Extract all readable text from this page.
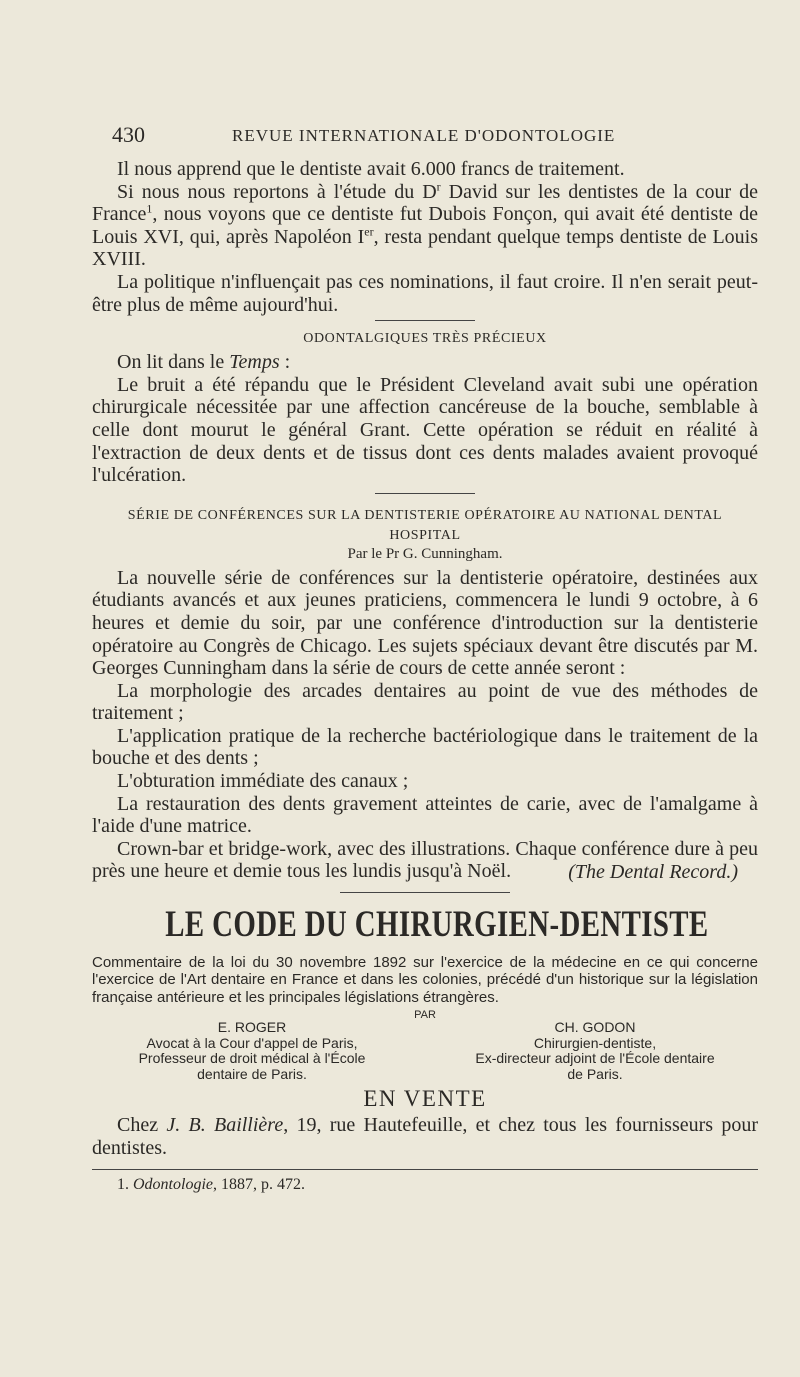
430	REVUE INTERNATIONALE D'ODONTOLOGIE

Il nous apprend que le dentiste avait 6.000 francs de traitement.

Si nous nous reportons à l'étude du $D^r$ David sur les dentistes de la cour de France$^1$, nous voyons que ce dentiste fut Dubois Fonçon, qui avait été dentiste de Louis XVI, qui, après Napoléon Ier, resta pendant quelque temps dentiste de Louis XVIII.

La politique n'influençait pas ces nominations, il faut croire. Il n'en serait peut-être plus de même aujourd'hui.

ODONTALGIQUES TRÈS PRÉCIEUX

On lit dans le Temps :

Le bruit a été répandu que le Président Cleveland avait subi une opération chirurgicale nécessitée par une affection cancéreuse de la bouche, semblable à celle dont mourut le général Grant. Cette opération se réduit en réalité à l'extraction de deux dents et de tissus dont ces dents malades avaient provoqué l'ulcération.

SÉRIE DE CONFÉRENCES SUR LA DENTISTERIE OPÉRATOIRE AU NATIONAL DENTAL HOSPITAL

Par le Pr G. Cunningham.

La nouvelle série de conférences sur la dentisterie opératoire, destinées aux étudiants avancés et aux jeunes praticiens, commencera le lundi 9 octobre, à 6 heures et demie du soir, par une conférence d'introduction sur la dentisterie opératoire au Congrès de Chicago. Les sujets spéciaux devant être discutés par M. Georges Cunningham dans la série de cours de cette année seront :

La morphologie des arcades dentaires au point de vue des méthodes de traitement ;

L'application pratique de la recherche bactériologique dans le traitement de la bouche et des dents ;

L'obturation immédiate des canaux ;

La restauration des dents gravement atteintes de carie, avec de l'amalgame à l'aide d'une matrice.

Crown-bar et bridge-work, avec des illustrations. Chaque conférence dure à peu près une heure et demie tous les lundis jusqu'à Noël.	(The Dental Record.)

LE CODE DU CHIRURGIEN-DENTISTE

Commentaire de la loi du 30 novembre 1892 sur l'exercice de la médecine en ce qui concerne l'exercice de l'Art dentaire en France et dans les colonies, précédé d'un historique sur la législation française antérieure et les principales législations étrangères.

PAR
E. ROGER
Avocat à la Cour d'appel de Paris,
Professeur de droit médical à l'École
dentaire de Paris.
CH. GODON
Chirurgien-dentiste,
Ex-directeur adjoint de l'École dentaire
de Paris.

EN VENTE

Chez J. B. Baillière, 19, rue Hautefeuille, et chez tous les fournisseurs pour dentistes.

1. Odontologie, 1887, p. 472.
